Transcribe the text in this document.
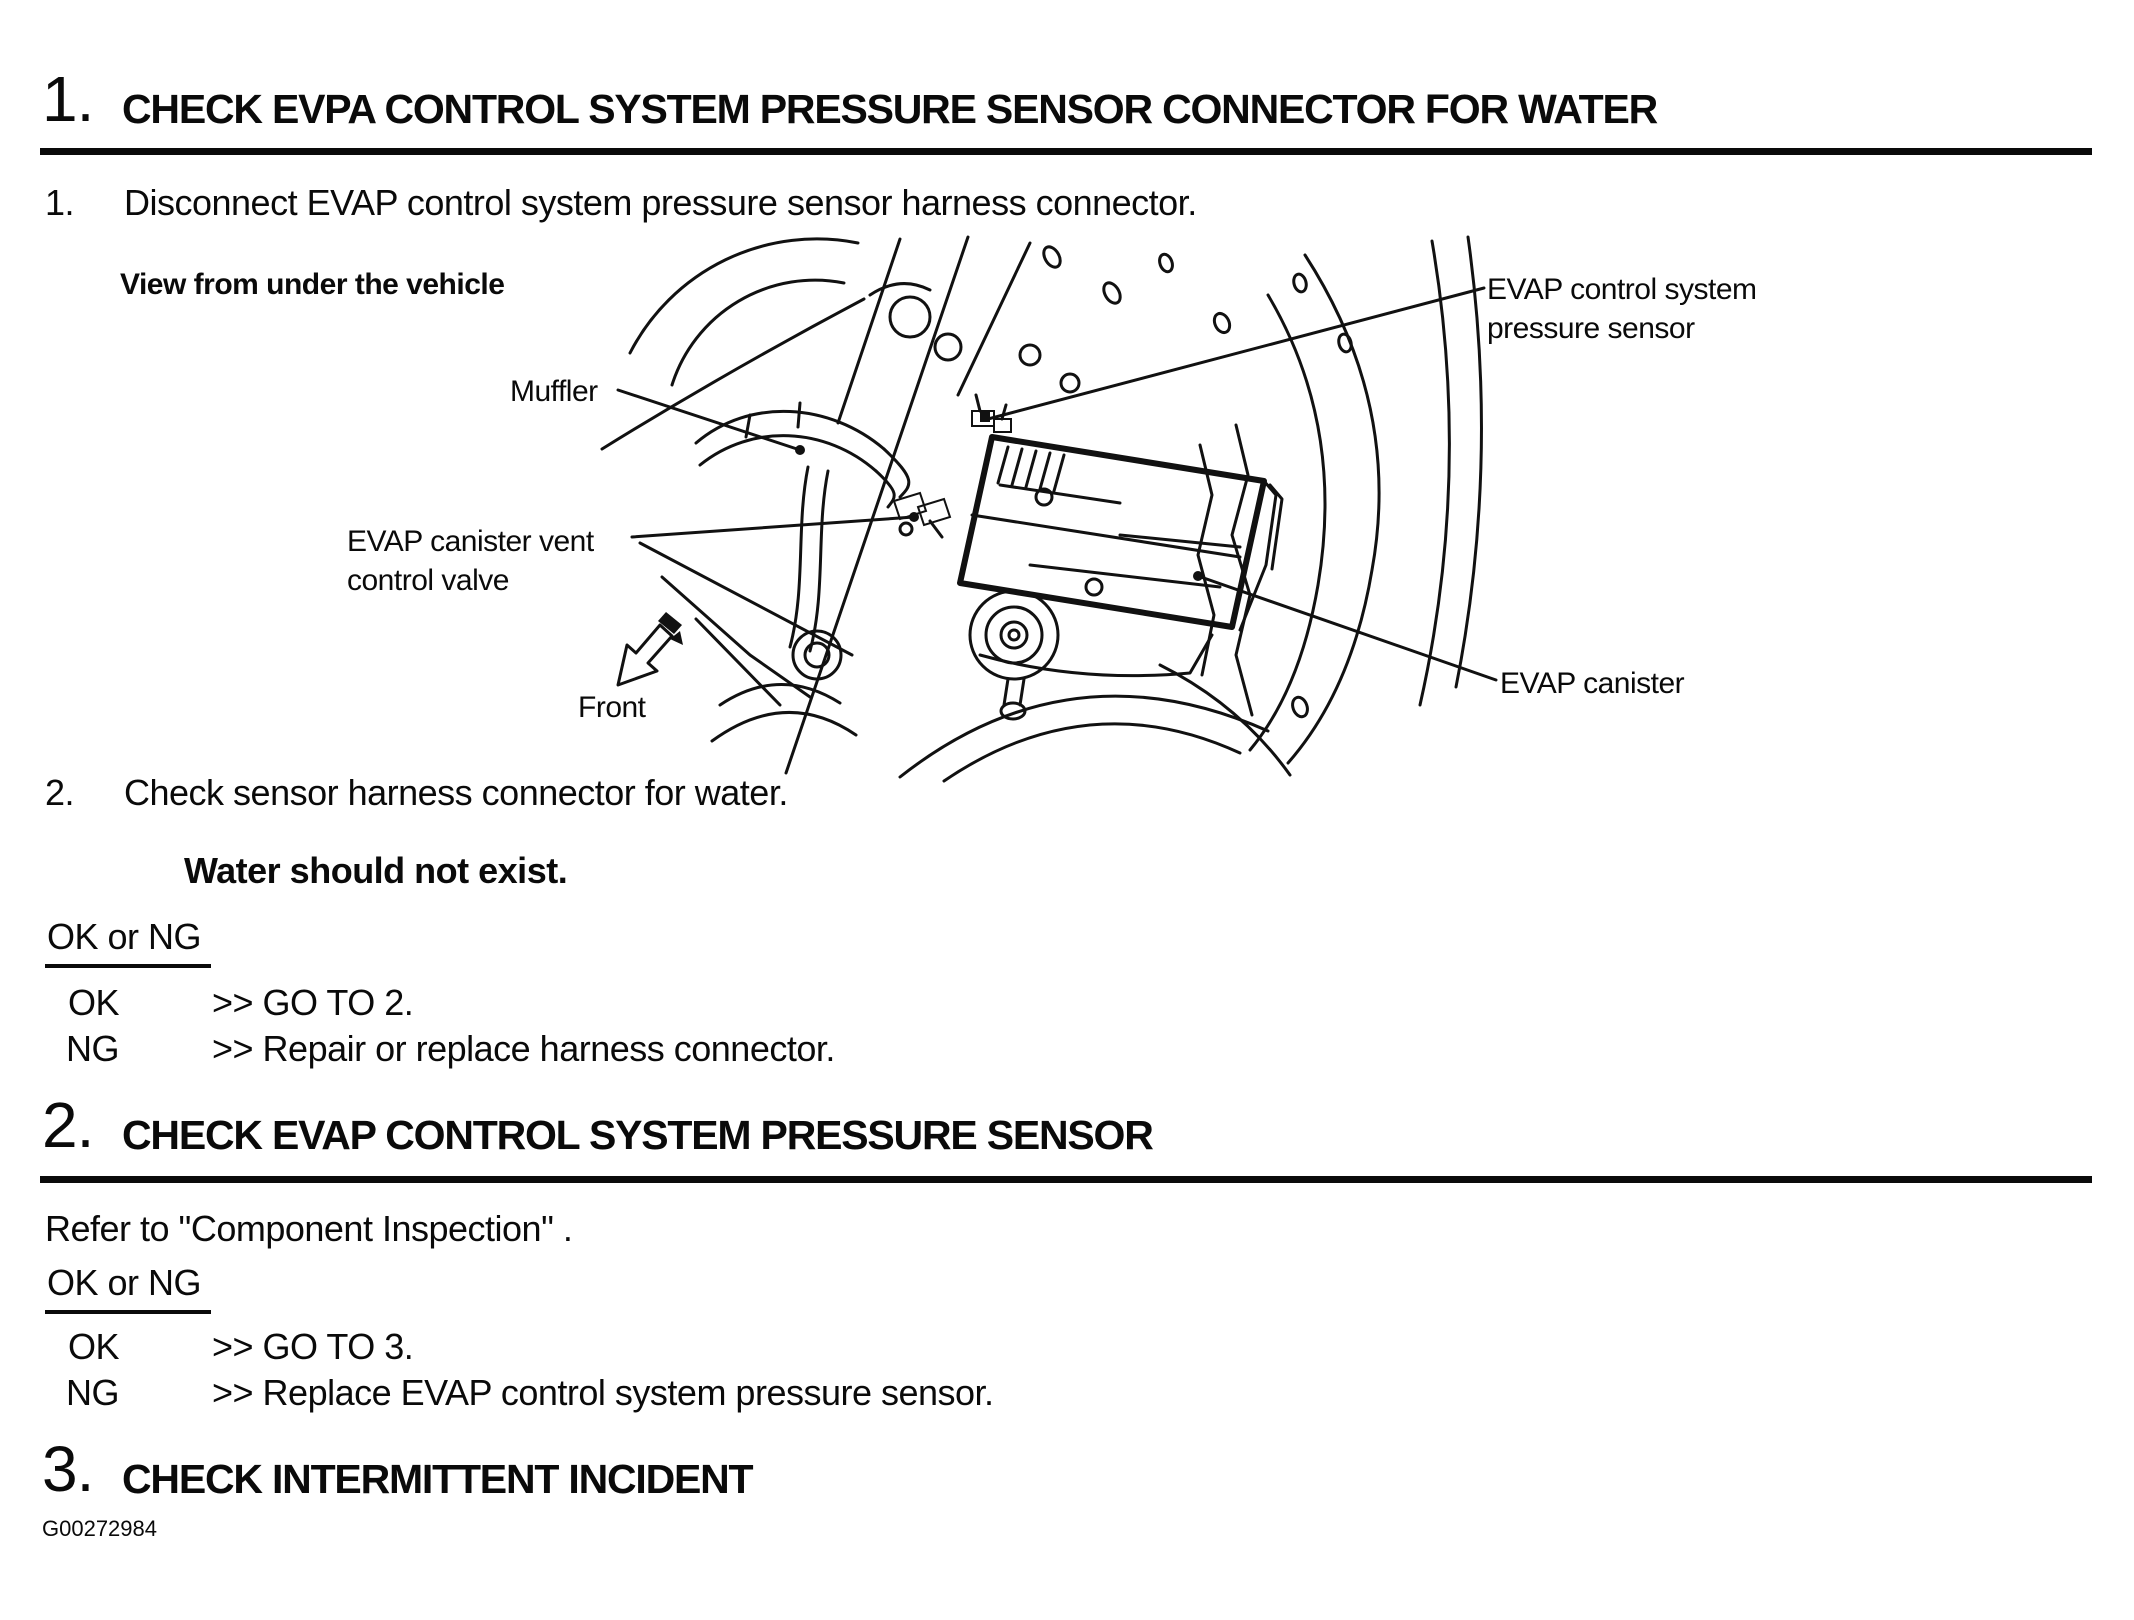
1. CHECK EVPA CONTROL SYSTEM PRESSURE SENSOR CONNECTOR FOR WATER
1. Disconnect EVAP control system pressure sensor harness connector.
View from under the vehicle
Muffler
EVAP canister vent
control valve
Front
EVAP control system
pressure sensor
EVAP canister
2. Check sensor harness connector for water.
Water should not exist.
OK or NG
OK	>> GO TO 2.
NG	>> Repair or replace harness connector.
2. CHECK EVAP CONTROL SYSTEM PRESSURE SENSOR
Refer to "Component Inspection" .
OK or NG
OK	>> GO TO 3.
NG	>> Replace EVAP control system pressure sensor.
3. CHECK INTERMITTENT INCIDENT
G00272984
